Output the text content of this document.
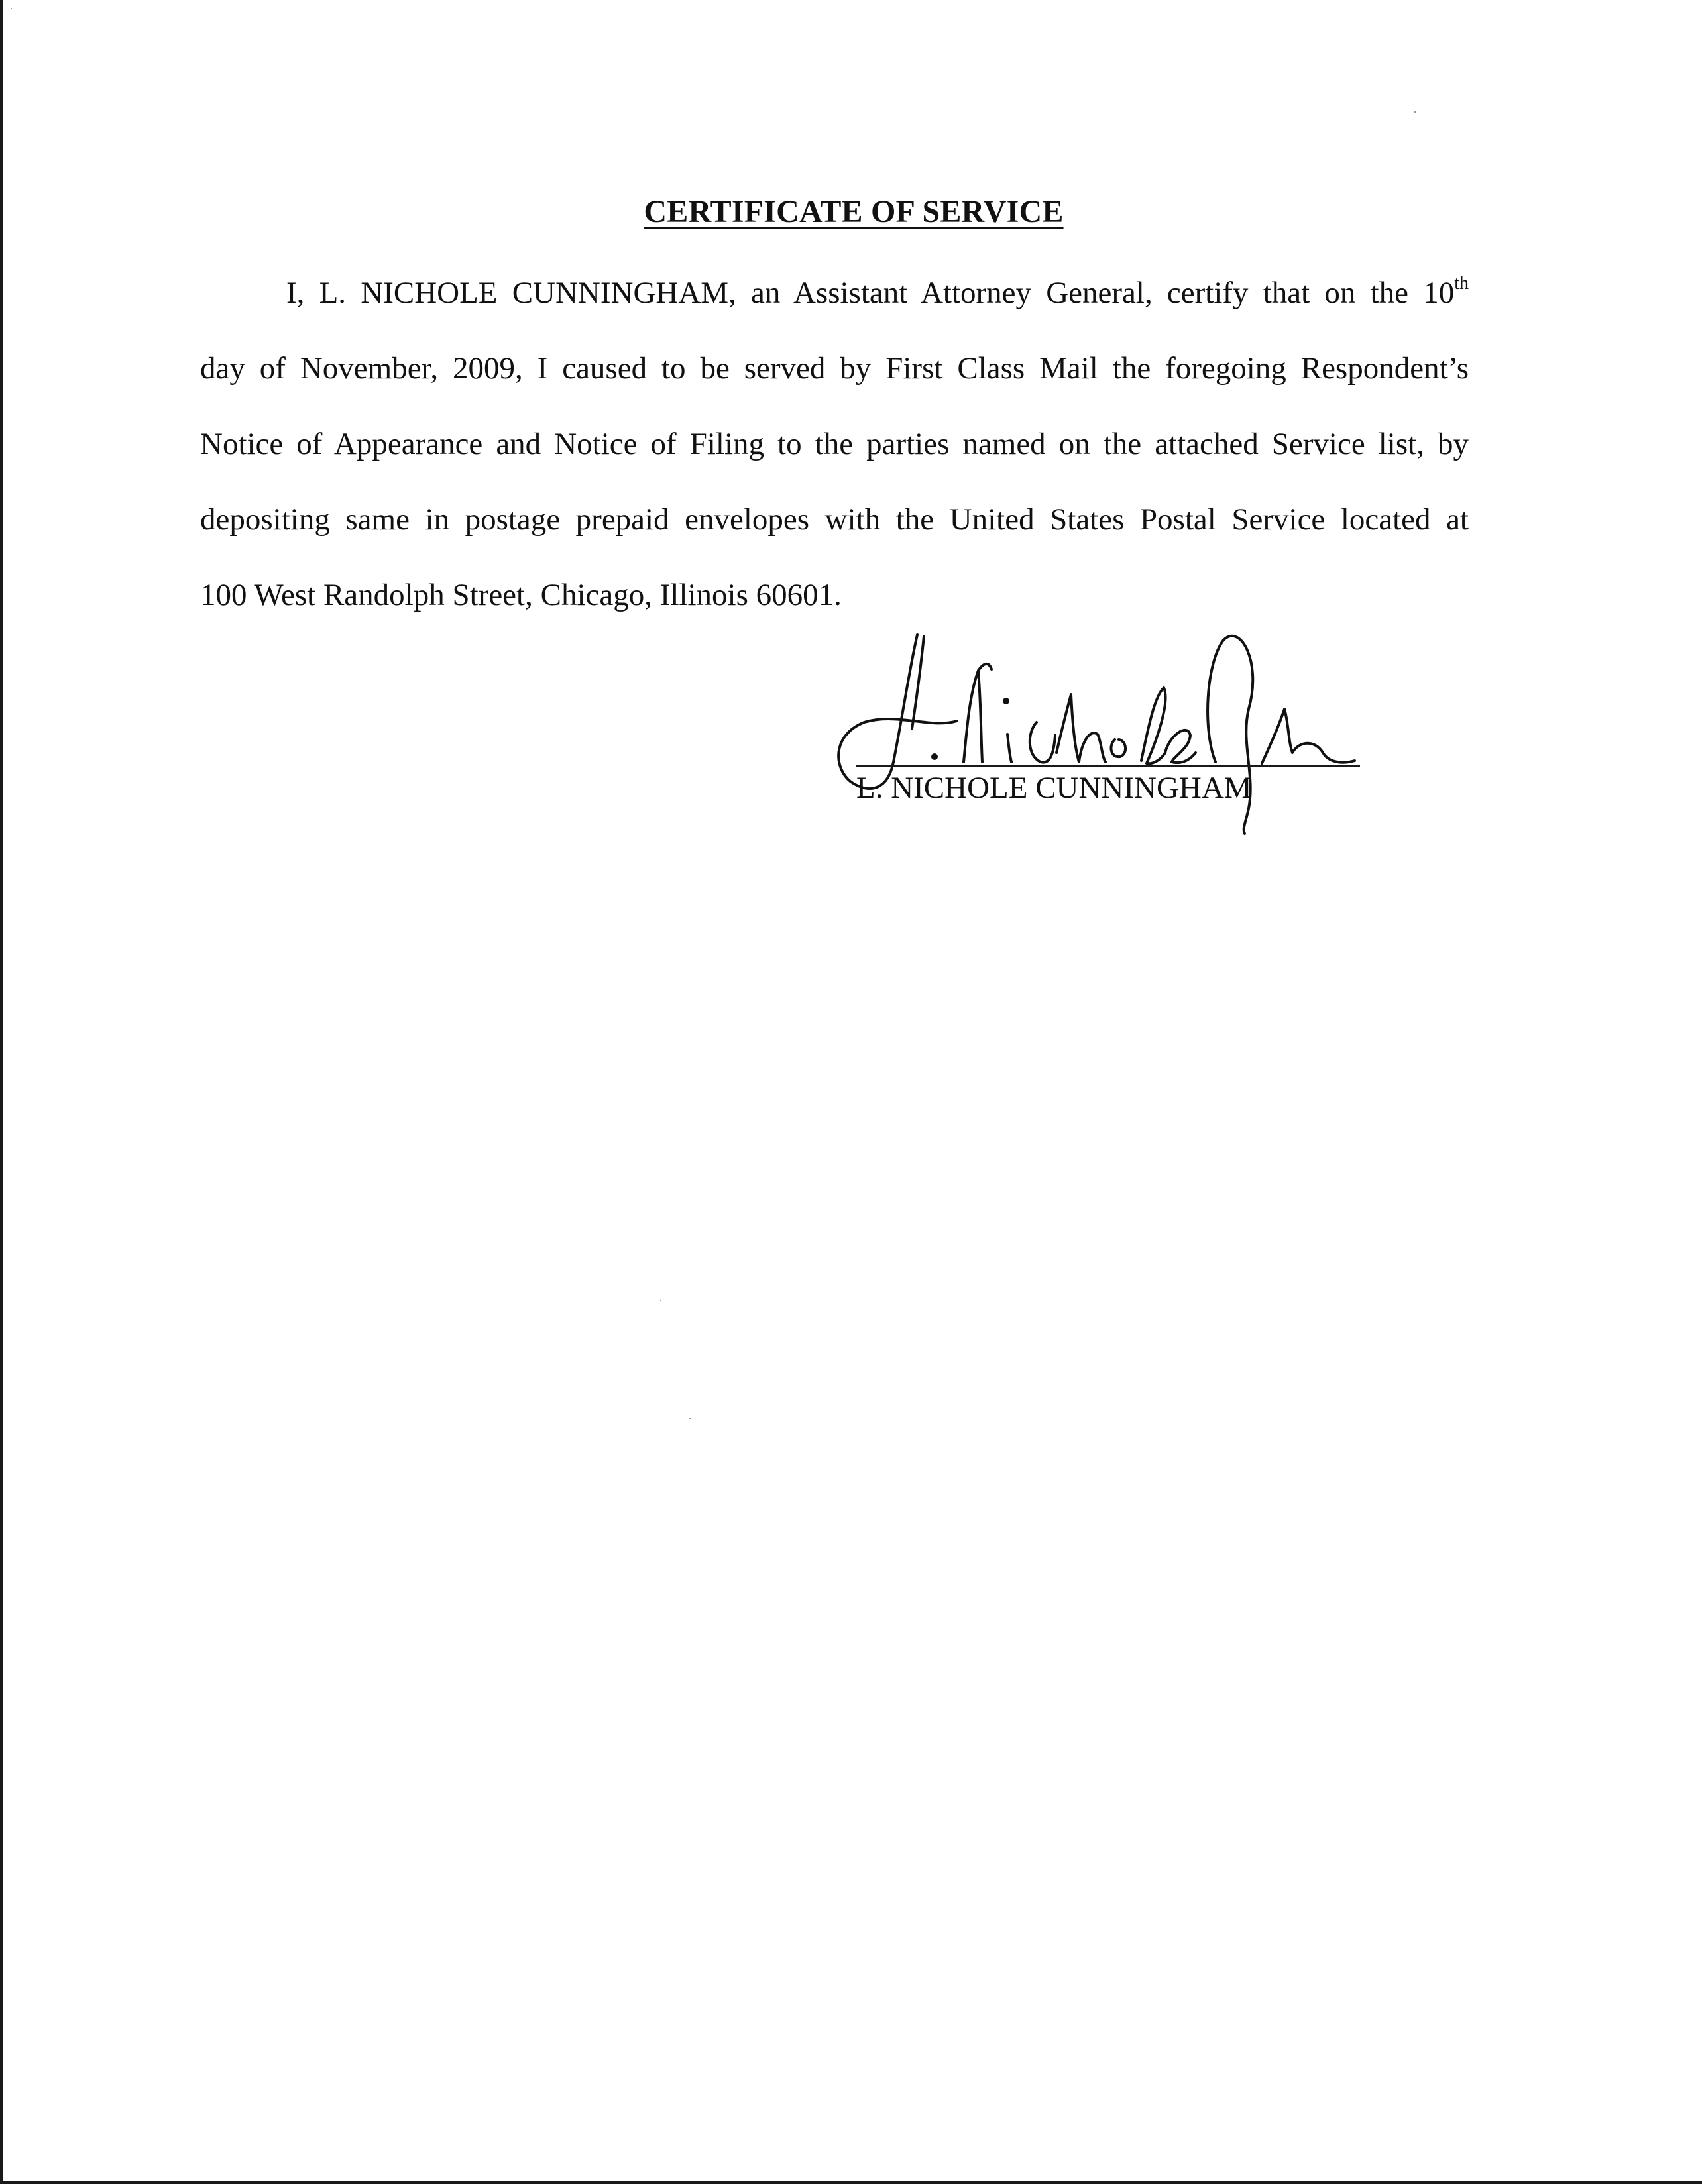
CERTIFICATE OF SERVICE

I, L. NICHOLE CUNNINGHAM, an Assistant Attorney General, certify that on the 10th

day of November, 2009, I caused to be served by First Class Mail the foregoing Respondent’s

Notice of Appearance and Notice of Filing to the parties named on the attached Service list, by

depositing same in postage prepaid envelopes with the United States Postal Service located at

100 West Randolph Street, Chicago, Illinois 60601.

L. NICHOLE CUNNINGHAM
